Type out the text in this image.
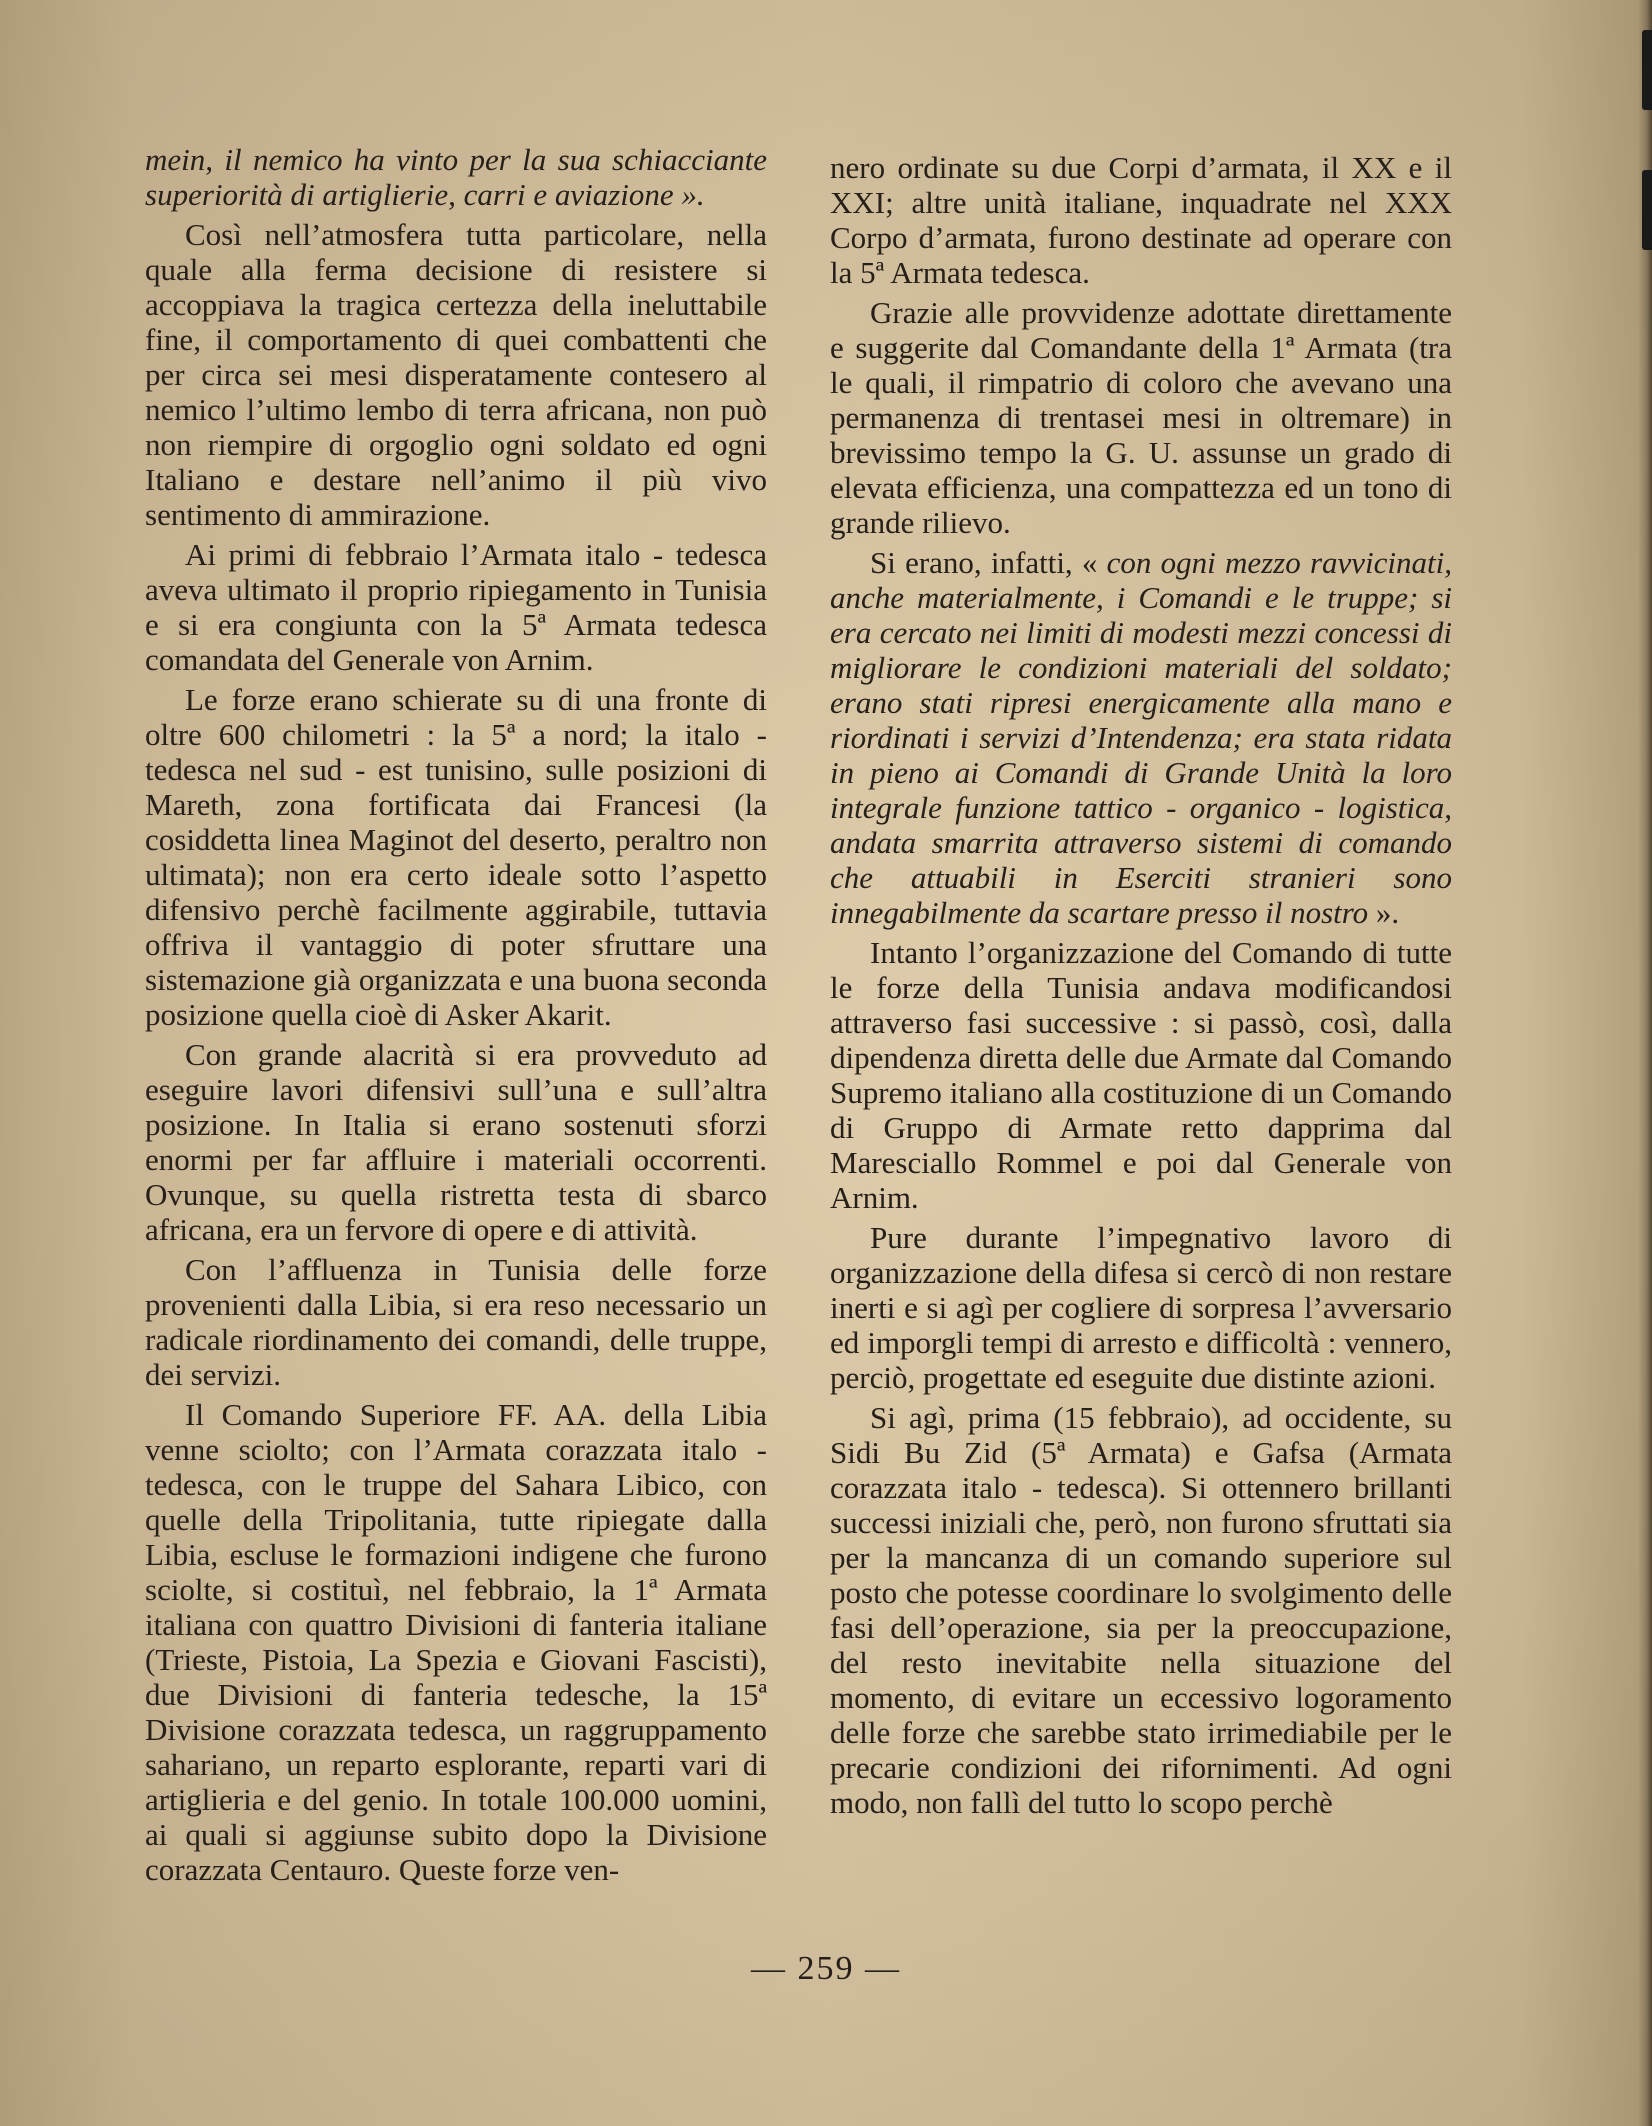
mein, il nemico ha vinto per la sua schiacciante superiorità di artiglierie, carri e aviazione ».

Così nell’atmosfera tutta particolare, nella quale alla ferma decisione di resistere si accoppiava la tragica certezza della ineluttabile fine, il comportamento di quei combattenti che per circa sei mesi disperatamente contesero al nemico l’ultimo lembo di terra africana, non può non riempire di orgoglio ogni soldato ed ogni Italiano e destare nell’animo il più vivo sentimento di ammirazione.

Ai primi di febbraio l’Armata italo - tedesca aveva ultimato il proprio ripiegamento in Tunisia e si era congiunta con la 5ª Armata tedesca comandata del Generale von Arnim.

Le forze erano schierate su di una fronte di oltre 600 chilometri : la 5ª a nord; la italo - tedesca nel sud - est tunisino, sulle posizioni di Mareth, zona fortificata dai Francesi (la cosiddetta linea Maginot del deserto, peraltro non ultimata); non era certo ideale sotto l’aspetto difensivo perchè facilmente aggirabile, tuttavia offriva il vantaggio di poter sfruttare una sistemazione già organizzata e una buona seconda posizione quella cioè di Asker Akarit.

Con grande alacrità si era provveduto ad eseguire lavori difensivi sull’una e sull’altra posizione. In Italia si erano sostenuti sforzi enormi per far affluire i materiali occorrenti. Ovunque, su quella ristretta testa di sbarco africana, era un fervore di opere e di attività.

Con l’affluenza in Tunisia delle forze provenienti dalla Libia, si era reso necessario un radicale riordinamento dei comandi, delle truppe, dei servizi.

Il Comando Superiore FF. AA. della Libia venne sciolto; con l’Armata corazzata italo - tedesca, con le truppe del Sahara Libico, con quelle della Tripolitania, tutte ripiegate dalla Libia, escluse le formazioni indigene che furono sciolte, si costituì, nel febbraio, la 1ª Armata italiana con quattro Divisioni di fanteria italiane (Trieste, Pistoia, La Spezia e Giovani Fascisti), due Divisioni di fanteria tedesche, la 15ª Divisione corazzata tedesca, un raggruppamento sahariano, un reparto esplorante, reparti vari di artiglieria e del genio. In totale 100.000 uomini, ai quali si aggiunse subito dopo la Divisione corazzata Centauro. Queste forze ven-

nero ordinate su due Corpi d’armata, il XX e il XXI; altre unità italiane, inquadrate nel XXX Corpo d’armata, furono destinate ad operare con la 5ª Armata tedesca.

Grazie alle provvidenze adottate direttamente e suggerite dal Comandante della 1ª Armata (tra le quali, il rimpatrio di coloro che avevano una permanenza di trentasei mesi in oltremare) in brevissimo tempo la G. U. assunse un grado di elevata efficienza, una compattezza ed un tono di grande rilievo.

Si erano, infatti, « con ogni mezzo ravvicinati, anche materialmente, i Comandi e le truppe; si era cercato nei limiti di modesti mezzi concessi di migliorare le condizioni materiali del soldato; erano stati ripresi energicamente alla mano e riordinati i servizi d’Intendenza; era stata ridata in pieno ai Comandi di Grande Unità la loro integrale funzione tattico - organico - logistica, andata smarrita attraverso sistemi di comando che attuabili in Eserciti stranieri sono innegabilmente da scartare presso il nostro ».

Intanto l’organizzazione del Comando di tutte le forze della Tunisia andava modificandosi attraverso fasi successive : si passò, così, dalla dipendenza diretta delle due Armate dal Comando Supremo italiano alla costituzione di un Comando di Gruppo di Armate retto dapprima dal Maresciallo Rommel e poi dal Generale von Arnim.

Pure durante l’impegnativo lavoro di organizzazione della difesa si cercò di non restare inerti e si agì per cogliere di sorpresa l’avversario ed imporgli tempi di arresto e difficoltà : vennero, perciò, progettate ed eseguite due distinte azioni.

Si agì, prima (15 febbraio), ad occidente, su Sidi Bu Zid (5ª Armata) e Gafsa (Armata corazzata italo - tedesca). Si ottennero brillanti successi iniziali che, però, non furono sfruttati sia per la mancanza di un comando superiore sul posto che potesse coordinare lo svolgimento delle fasi dell’operazione, sia per la preoccupazione, del resto inevitabite nella situazione del momento, di evitare un eccessivo logoramento delle forze che sarebbe stato irrimediabile per le precarie condizioni dei rifornimenti. Ad ogni modo, non fallì del tutto lo scopo perchè

— 259 —
